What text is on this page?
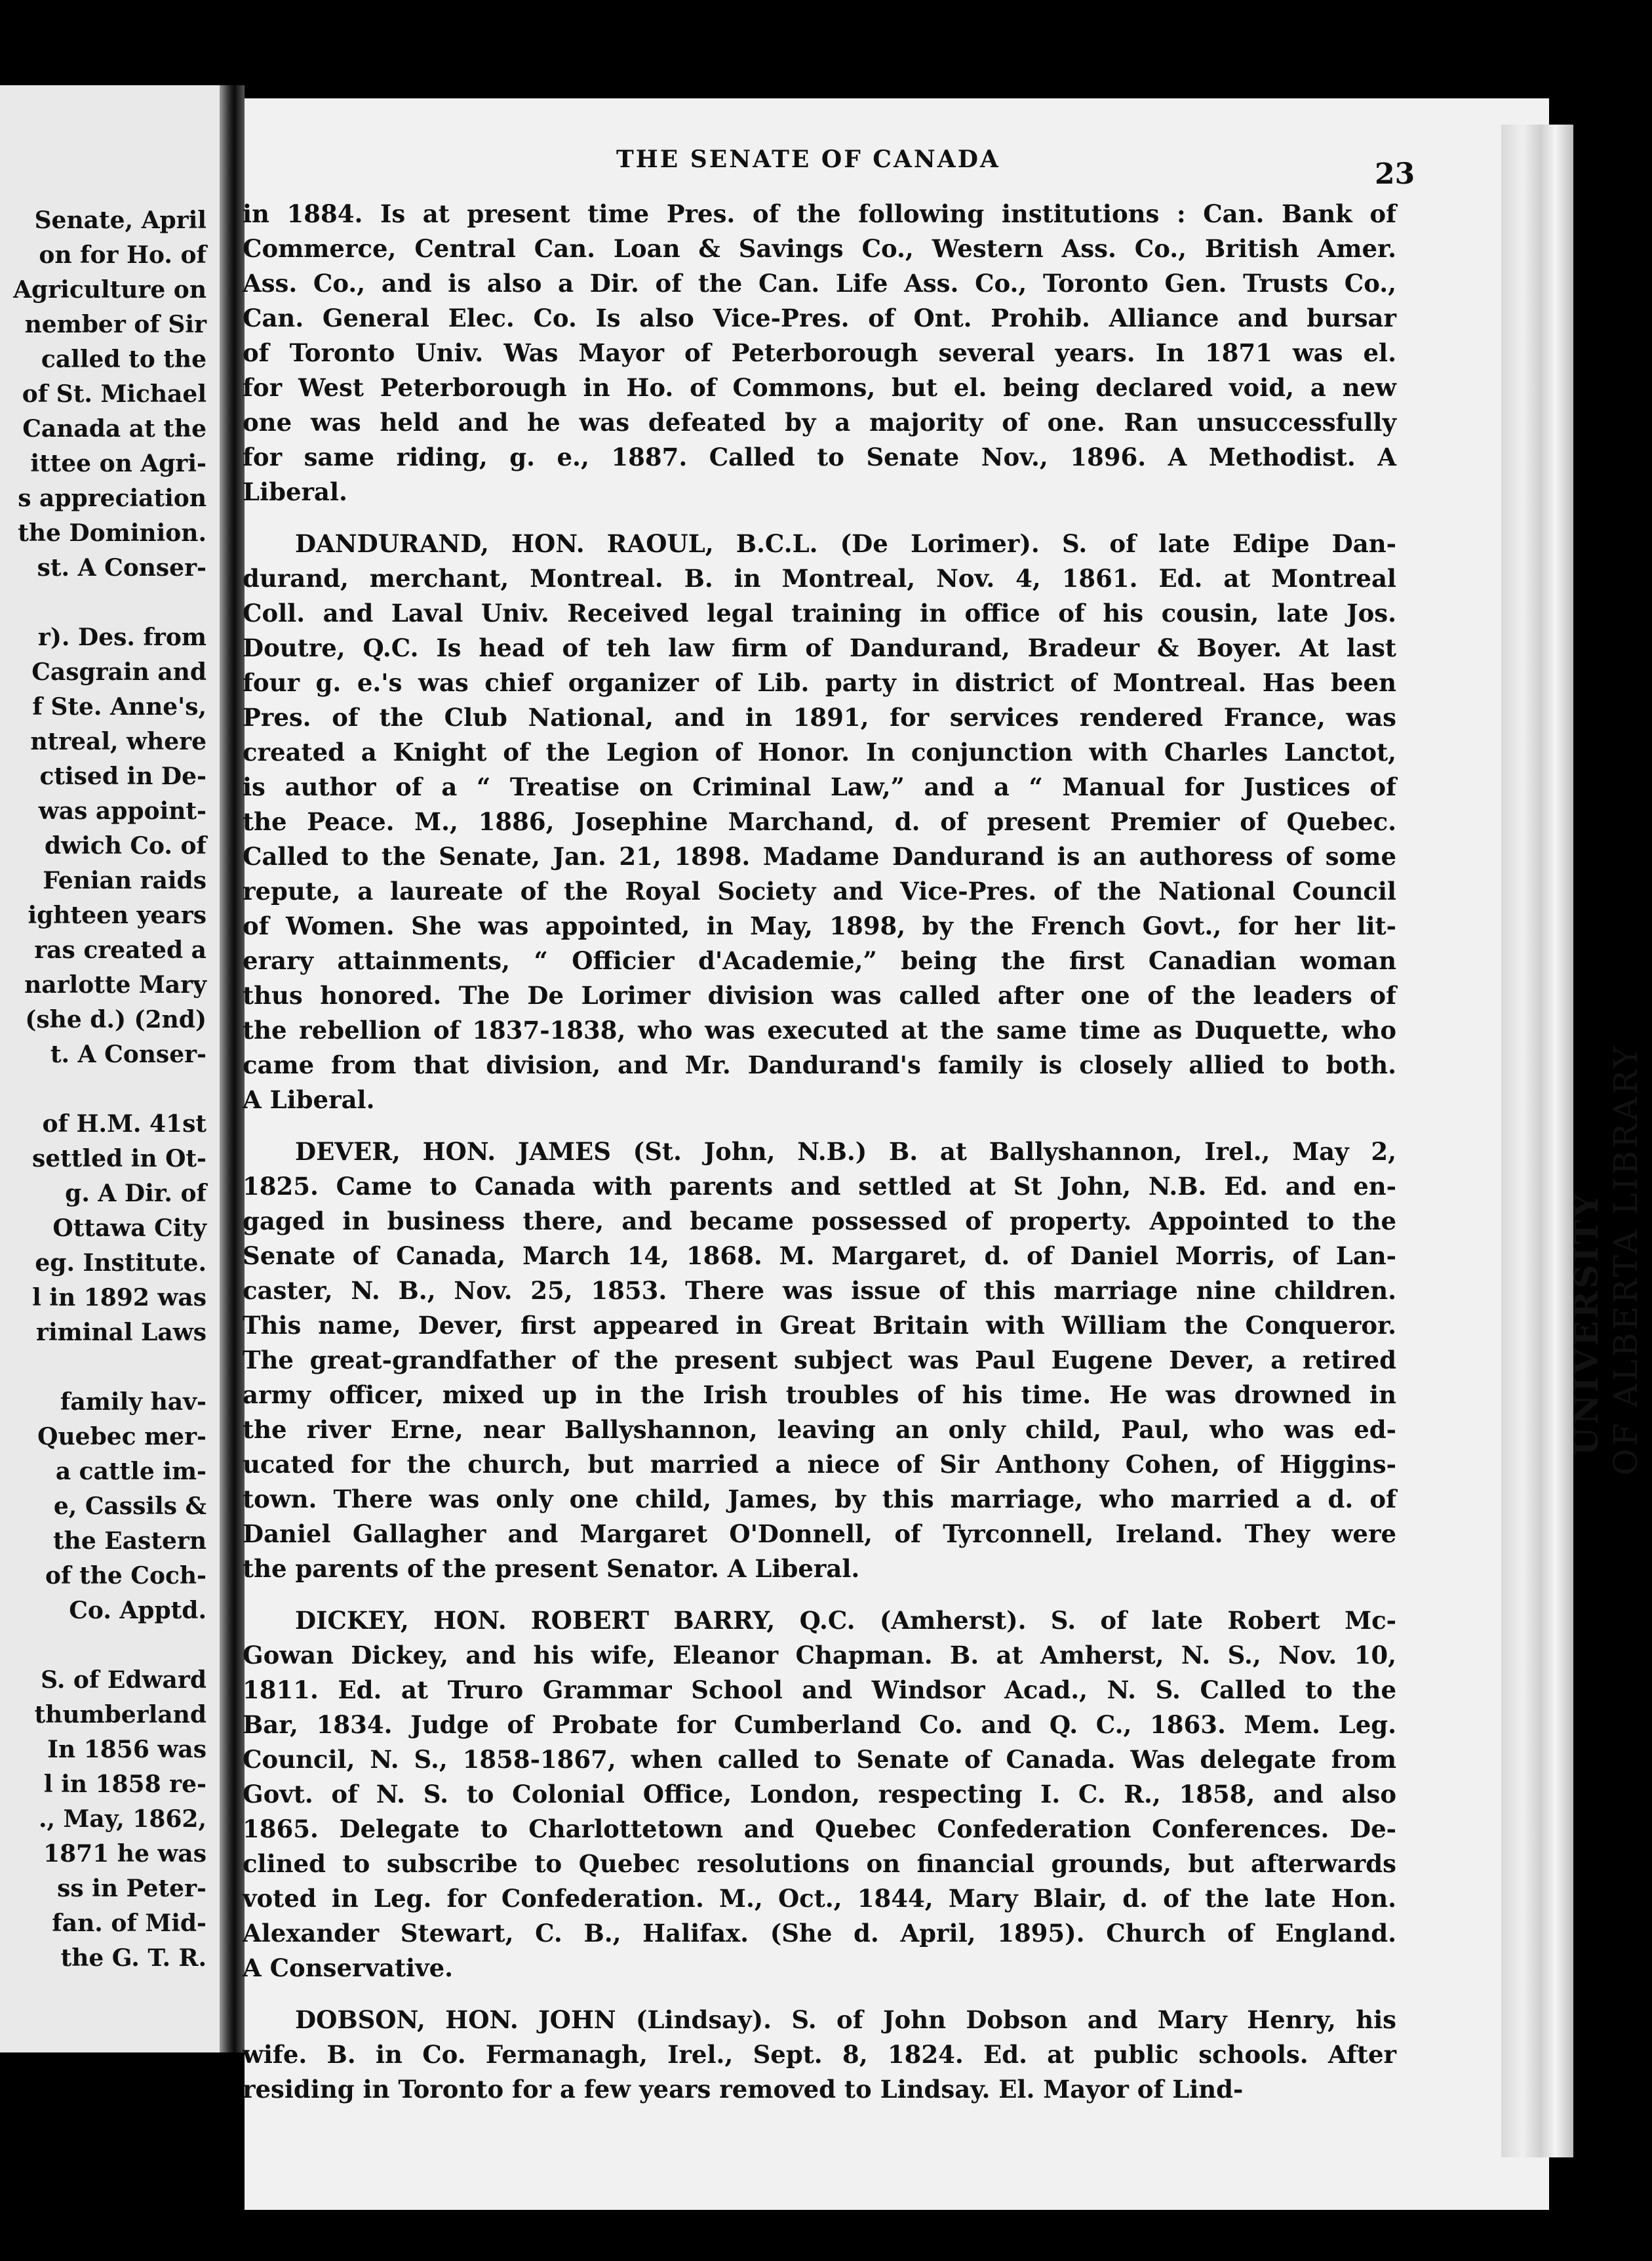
Senate, April
on for Ho. of
Agriculture on
nember of Sir
called to the
of St. Michael
Canada at the
ittee on Agri-
s appreciation
the Dominion.
st. A Conser-
r). Des. from
Casgrain and
f Ste. Anne's,
ntreal, where
ctised in De-
was appoint-
dwich Co. of
Fenian raids
ighteen years
ras created a
narlotte Mary
(she d.) (2nd)
t. A Conser-
of H.M. 41st
settled in Ot-
g. A Dir. of
Ottawa City
eg. Institute.
l in 1892 was
riminal Laws
family hav-
Quebec mer-
a cattle im-
e, Cassils &
the Eastern
of the Coch-
Co. Apptd.
S. of Edward
thumberland
In 1856 was
l in 1858 re-
., May, 1862,
1871 he was
ss in Peter-
fan. of Mid-
the G. T. R.
THE SENATE OF CANADA	23
in 1884. Is at present time Pres. of the following institutions : Can. Bank of
Commerce, Central Can. Loan & Savings Co., Western Ass. Co., British Amer.
Ass. Co., and is also a Dir. of the Can. Life Ass. Co., Toronto Gen. Trusts Co.,
Can. General Elec. Co. Is also Vice-Pres. of Ont. Prohib. Alliance and bursar
of Toronto Univ. Was Mayor of Peterborough several years. In 1871 was el.
for West Peterborough in Ho. of Commons, but el. being declared void, a new
one was held and he was defeated by a majority of one. Ran unsuccessfully
for same riding, g. e., 1887. Called to Senate Nov., 1896. A Methodist. A
Liberal.
DANDURAND, HON. RAOUL, B.C.L. (De Lorimer). S. of late Edipe Dan-
durand, merchant, Montreal. B. in Montreal, Nov. 4, 1861. Ed. at Montreal
Coll. and Laval Univ. Received legal training in office of his cousin, late Jos.
Doutre, Q.C. Is head of teh law firm of Dandurand, Bradeur & Boyer. At last
four g. e.'s was chief organizer of Lib. party in district of Montreal. Has been
Pres. of the Club National, and in 1891, for services rendered France, was
created a Knight of the Legion of Honor. In conjunction with Charles Lanctot,
is author of a “ Treatise on Criminal Law,” and a “ Manual for Justices of
the Peace. M., 1886, Josephine Marchand, d. of present Premier of Quebec.
Called to the Senate, Jan. 21, 1898. Madame Dandurand is an authoress of some
repute, a laureate of the Royal Society and Vice-Pres. of the National Council
of Women. She was appointed, in May, 1898, by the French Govt., for her lit-
erary attainments, “ Officier d'Academie,” being the first Canadian woman
thus honored. The De Lorimer division was called after one of the leaders of
the rebellion of 1837-1838, who was executed at the same time as Duquette, who
came from that division, and Mr. Dandurand's family is closely allied to both.
A Liberal.
DEVER, HON. JAMES (St. John, N.B.) B. at Ballyshannon, Irel., May 2,
1825. Came to Canada with parents and settled at St John, N.B. Ed. and en-
gaged in business there, and became possessed of property. Appointed to the
Senate of Canada, March 14, 1868. M. Margaret, d. of Daniel Morris, of Lan-
caster, N. B., Nov. 25, 1853. There was issue of this marriage nine children.
This name, Dever, first appeared in Great Britain with William the Conqueror.
The great-grandfather of the present subject was Paul Eugene Dever, a retired
army officer, mixed up in the Irish troubles of his time. He was drowned in
the river Erne, near Ballyshannon, leaving an only child, Paul, who was ed-
ucated for the church, but married a niece of Sir Anthony Cohen, of Higgins-
town. There was only one child, James, by this marriage, who married a d. of
Daniel Gallagher and Margaret O'Donnell, of Tyrconnell, Ireland. They were
the parents of the present Senator. A Liberal.
DICKEY, HON. ROBERT BARRY, Q.C. (Amherst). S. of late Robert Mc-
Gowan Dickey, and his wife, Eleanor Chapman. B. at Amherst, N. S., Nov. 10,
1811. Ed. at Truro Grammar School and Windsor Acad., N. S. Called to the
Bar, 1834. Judge of Probate for Cumberland Co. and Q. C., 1863. Mem. Leg.
Council, N. S., 1858-1867, when called to Senate of Canada. Was delegate from
Govt. of N. S. to Colonial Office, London, respecting I. C. R., 1858, and also
1865. Delegate to Charlottetown and Quebec Confederation Conferences. De-
clined to subscribe to Quebec resolutions on financial grounds, but afterwards
voted in Leg. for Confederation. M., Oct., 1844, Mary Blair, d. of the late Hon.
Alexander Stewart, C. B., Halifax. (She d. April, 1895). Church of England.
A Conservative.
DOBSON, HON. JOHN (Lindsay). S. of John Dobson and Mary Henry, his
wife. B. in Co. Fermanagh, Irel., Sept. 8, 1824. Ed. at public schools. After
residing in Toronto for a few years removed to Lindsay. El. Mayor of Lind-
UNIVERSITY OF ALBERTA LIBRARY
